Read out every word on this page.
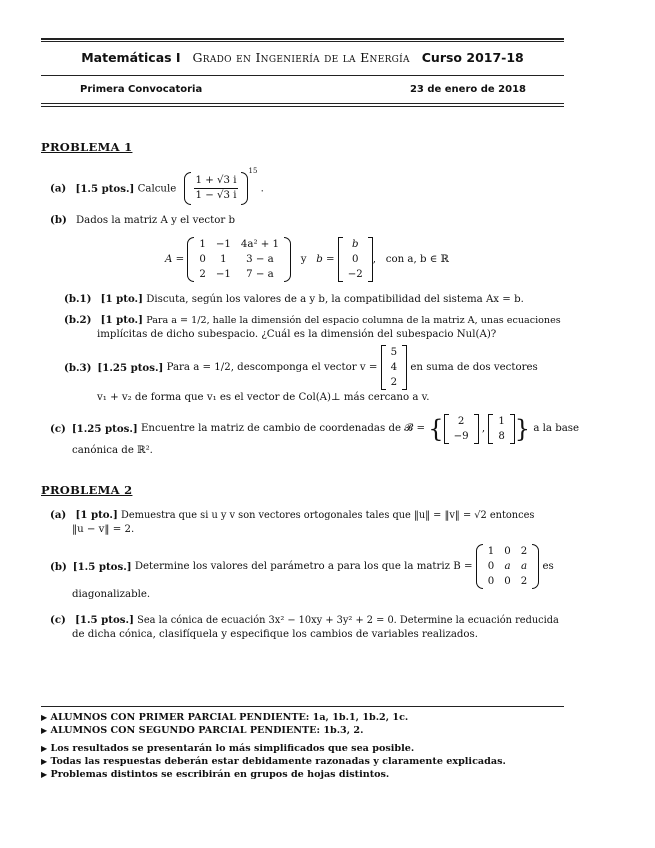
Matemáticas I Grado en Ingeniería de la Energía Curso 2017-18
Primera Convocatoria	23 de enero de 2018
PROBLEMA 1
(a) [1.5 ptos.] Calcule $\frac{1 + √3 i}{1 - √3 i}$
$^{15}$ .
(b) Dados la matriz A y el vector b
A =
1	−1	4a² + 1
0	1	3 − a
2	−1	7 − a
y b =
b
0
−2
, con a, b ∈ ℝ
(b.1) [1 pto.] Discuta, según los valores de a y b, la compatibilidad del sistema Ax = b.
(b.2) [1 pto.] Para a = 1/2, halle la dimensión del espacio columna de la matriz A, unas ecuaciones
implícitas de dicho subespacio. ¿Cuál es la dimensión del subespacio Nul(A)?
(b.3) [1.25 ptos.]
Para a = 1/2, descomponga el vector v =

5
4
2

en suma de dos vectores
v₁ + v₂ de forma que v₁ es el vector de Col(A)⊥ más cercano a v.
(c) [1.25 ptos.]
Encuentre la matriz de cambio de coordenadas de 𝓑 =
{ 2
−9
,
1
8 }
a la base
canónica de ℝ².
PROBLEMA 2
(a) [1 pto.] Demuestra que si u y v son vectores ortogonales tales que ‖u‖ = ‖v‖ = √2 entonces
‖u − v‖ = 2.
(b) [1.5 ptos.]
Determine los valores del parámetro a para los que la matriz B =

1	0	2
0	a	a
0	0	2

es
diagonalizable.
(c) [1.5 ptos.] Sea la cónica de ecuación 3x² − 10xy + 3y² + 2 = 0. Determine la ecuación reducida
de dicha cónica, clasifíquela y especifique los cambios de variables realizados.
▶ ALUMNOS CON PRIMER PARCIAL PENDIENTE: 1a, 1b.1, 1b.2, 1c.
▶ ALUMNOS CON SEGUNDO PARCIAL PENDIENTE: 1b.3, 2.
▶ Los resultados se presentarán lo más simplificados que sea posible.
▶ Todas las respuestas deberán estar debidamente razonadas y claramente explicadas.
▶ Problemas distintos se escribirán en grupos de hojas distintos.
